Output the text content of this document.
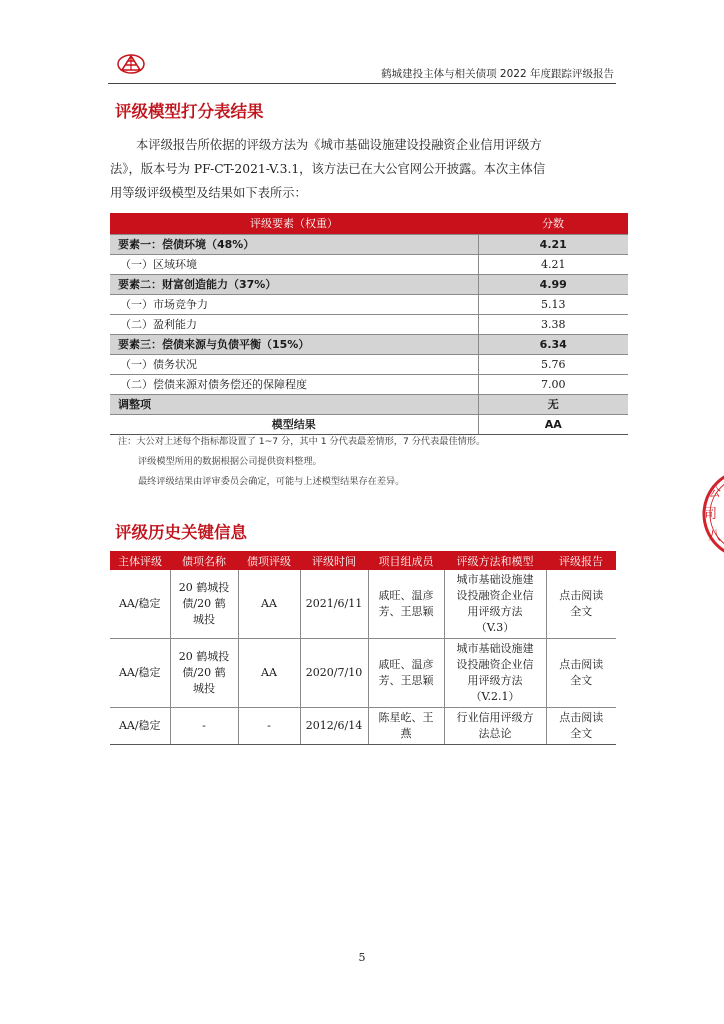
鹤城建投主体与相关债项 2022 年度跟踪评级报告
评级模型打分表结果
本评级报告所依据的评级方法为《城市基础设施建设投融资企业信用评级方
法》，版本号为 PF-CT-2021-V.3.1，该方法已在大公官网公开披露。本次主体信
用等级评级模型及结果如下表所示：
评级要素（权重）	分数
要素一：偿债环境（48%）	4.21
（一）区域环境	4.21
要素二：财富创造能力（37%）	4.99
（一）市场竞争力	5.13
（二）盈利能力	3.38
要素三：偿债来源与负债平衡（15%）	6.34
（一）债务状况	5.76
（二）偿债来源对债务偿还的保障程度	7.00
调整项	无
模型结果	AA
注：大公对上述每个指标都设置了 1~7 分，其中 1 分代表最差情形，7 分代表最佳情形。
评级模型所用的数据根据公司提供资料整理。
最终评级结果由评审委员会确定，可能与上述模型结果存在差异。
评级历史关键信息
主体评级	债项名称	债项评级	评级时间	项目组成员	评级方法和模型	评级报告
AA/稳定	20 鹤城投
债/20 鹤
城投	AA	2021/6/11	戚旺、温彦
芳、王思颖	城市基础设施建
设投融资企业信
用评级方法
（V.3）	点击阅读
全文

AA/稳定	20 鹤城投
债/20 鹤
城投	AA	2020/7/10	戚旺、温彦
芳、王思颖	城市基础设施建
设投融资企业信
用评级方法
（V.2.1）	点击阅读
全文

AA/稳定	-	-	2012/6/14	陈星屹、王
燕	行业信用评级方
法总论	点击阅读
全文
5
公
司
八
